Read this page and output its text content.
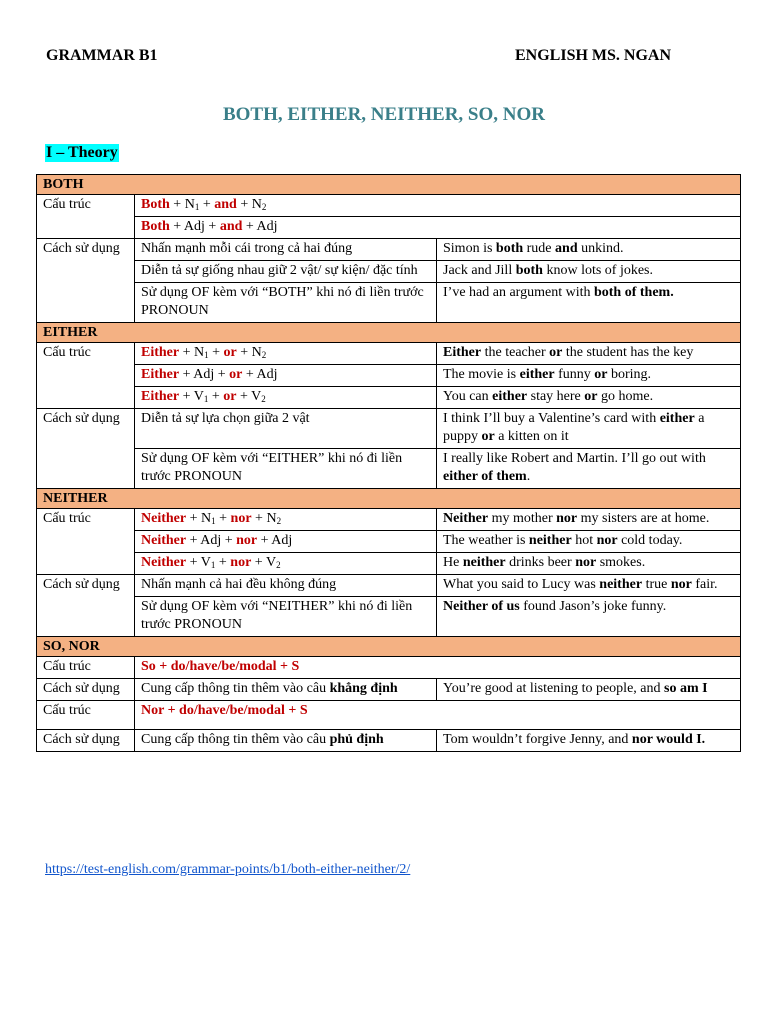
GRAMMAR B1	ENGLISH MS. NGAN
BOTH, EITHER, NEITHER, SO, NOR
I – Theory
BOTH		
Cấu trúc	Both + $N_1$ + and + $N_2$
	Both + Adj + and + Adj	
Cách sử dụng	Nhấn mạnh mỗi cái trong cả hai đúng	Simon is both rude and unkind.
	Diễn tả sự giống nhau giữ 2 vật/ sự kiện/ đặc tính	Jack and Jill both know lots of jokes.
	Sử dụng OF kèm với “BOTH” khi nó đi liền trước PRONOUN	I’ve had an argument with both of them.
EITHER		
Cấu trúc	Either + $N_1$ + or + $N_2$	Either the teacher or the student has the key
	Either + Adj + or + Adj	The movie is either funny or boring.
	Either + $V_1$ + or + $V_2$	You can either stay here or go home.
Cách sử dụng	Diễn tả sự lựa chọn giữa 2 vật	I think I’ll buy a Valentine’s card with either a puppy or a kitten on it
	Sử dụng OF kèm với “EITHER” khi nó đi liền trước PRONOUN	I really like Robert and Martin. I’ll go out with either of them.
NEITHER		
Cấu trúc	Neither + $N_1$ + nor + $N_2$	Neither my mother nor my sisters are at home.
	Neither + Adj + nor + Adj	The weather is neither hot nor cold today.
	Neither + $V_1$ + nor + $V_2$	He neither drinks beer nor smokes.
Cách sử dụng	Nhấn mạnh cả hai đều không đúng	What you said to Lucy was neither true nor fair.
	Sử dụng OF kèm với “NEITHER” khi nó đi liền trước PRONOUN	Neither of us found Jason’s joke funny.
SO, NOR		
Cấu trúc	So + do/have/be/modal + S	
Cách sử dụng	Cung cấp thông tin thêm vào câu khẳng định	You’re good at listening to people, and so am I
Cấu trúc	Nor + do/have/be/modal + S	
Cách sử dụng	Cung cấp thông tin thêm vào câu phủ định	Tom wouldn’t forgive Jenny, and nor would I.
https://test-english.com/grammar-points/b1/both-either-neither/2/
